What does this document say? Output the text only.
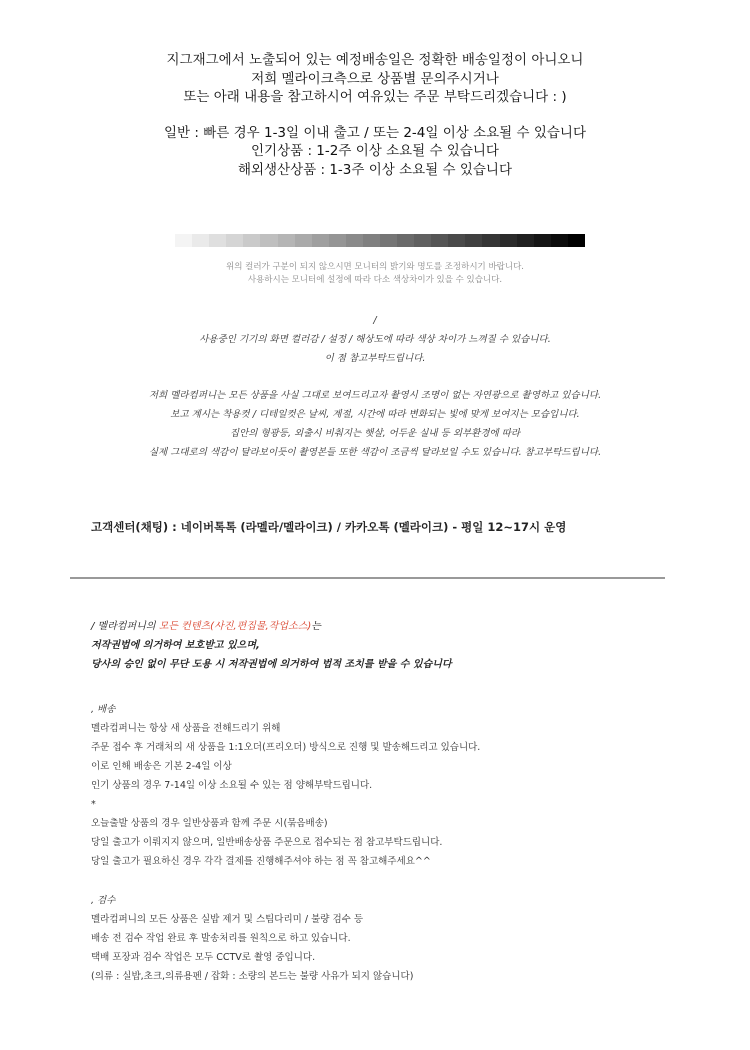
지그재그에서 노출되어 있는 예정배송일은 정확한 배송일정이 아니오니
저희 멜라이크측으로 상품별 문의주시거나
또는 아래 내용을 참고하시어 여유있는 주문 부탁드리겠습니다 : )
일반 : 빠른 경우 1-3일 이내 출고 / 또는 2-4일 이상 소요될 수 있습니다
인기상품 : 1-2주 이상 소요될 수 있습니다
해외생산상품 : 1-3주 이상 소요될 수 있습니다
위의 컬러가 구분이 되지 않으시면 모니터의 밝기와 명도를 조정하시기 바랍니다.
사용하시는 모니터에 설정에 따라 다소 색상차이가 있을 수 있습니다.
/
사용중인 기기의 화면 컬러감 / 설정 / 해상도에 따라 색상 차이가 느껴질 수 있습니다.
이 점 참고부탁드립니다.
저희 멜라컴퍼니는 모든 상품을 사실 그대로 보여드리고자 촬영시 조명이 없는 자연광으로 촬영하고 있습니다.
보고 계시는 착용컷 / 디테일컷은 날씨, 계절, 시간에 따라 변화되는 빛에 맞게 보여지는 모습입니다.
집안의 형광등, 외출시 비춰지는 햇살, 어두운 실내 등 외부환경에 따라
실제 그대로의 색감이 달라보이듯이 촬영본들 또한 색감이 조금씩 달라보일 수도 있습니다. 참고부탁드립니다.
고객센터(채팅) : 네이버톡톡 (라멜라/멜라이크) / 카카오톡 (멜라이크) - 평일 12~17시 운영
/ 멜라컴퍼니의 모든 컨텐츠(사진,편집물,작업소스)는
저작권법에 의거하여 보호받고 있으며,
당사의 승인 없이 무단 도용 시 저작권법에 의거하여 법적 조치를 받을 수 있습니다
, 배송
멜라컴퍼니는 항상 새 상품을 전해드리기 위해
주문 접수 후 거래처의 새 상품을 1:1오더(프리오더) 방식으로 진행 및 발송해드리고 있습니다.
이로 인해 배송은 기본 2-4일 이상
인기 상품의 경우 7-14일 이상 소요될 수 있는 점 양해부탁드립니다.
*
오늘출발 상품의 경우 일반상품과 함께 주문 시(묶음배송)
당일 출고가 이뤄지지 않으며, 일반배송상품 주문으로 접수되는 점 참고부탁드립니다.
당일 출고가 필요하신 경우 각각 결제를 진행해주셔야 하는 점 꼭 참고해주세요^^
, 검수
멜라컴퍼니의 모든 상품은 실밥 제거 및 스팀다리미 / 불량 검수 등
배송 전 검수 작업 완료 후 발송처리를 원칙으로 하고 있습니다.
택배 포장과 검수 작업은 모두 CCTV로 촬영 중입니다.
(의류 : 실밥,초크,의류용펜 / 잡화 : 소량의 본드는 불량 사유가 되지 않습니다)
